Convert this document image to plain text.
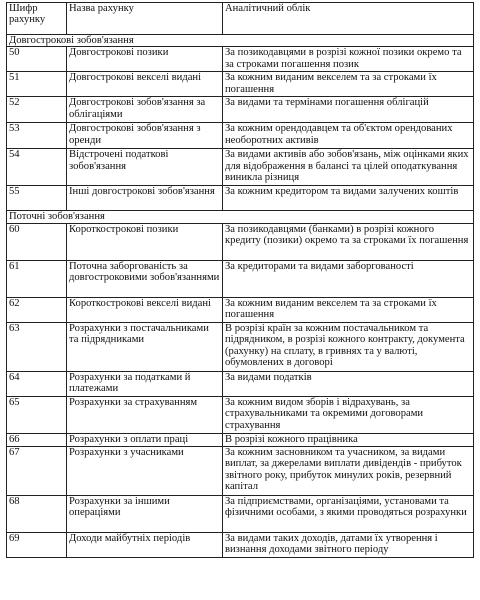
Шифр рахунку	Назва рахунку	Аналітичний облік
Довгострокові зобов'язання		
50	Довгострокові позики	За позикодавцями в розрізі кожної позики окремо та за строками погашення позик
51	Довгострокові векселі видані	За кожним виданим векселем та за строками їх погашення
52	Довгострокові зобов'язання за облігаціями	За видами та термінами погашення облігацій
53	Довгострокові зобов'язання з оренди	За кожним орендодавцем та об'єктом орендованих необоротних активів
54	Відстрочені податкові зобов'язання	За видами активів або зобов'язань, між оцінками яких для відображення в балансі та цілей оподаткування виникла різниця
55	Інші довгострокові зобов'язання	За кожним кредитором та видами залучених коштів
Поточні зобов'язання		
60	Короткострокові позики	За позикодавцями (банками) в розрізі кожного кредиту (позики) окремо та за строками їх погашення
61	Поточна заборгованість за довгостроковими зобов'язаннями	За кредиторами та видами заборгованості
62	Короткострокові векселі видані	За кожним виданим векселем та за строками їх погашення
63	Розрахунки з постачальниками та підрядниками	В розрізі країн за кожним постачальником та підрядником, в розрізі кожного контракту, документа (рахунку) на сплату, в гривнях та у валюті, обумовлених в договорі
64	Розрахунки за податками й платежами	За видами податків
65	Розрахунки за страхуванням	За кожним видом зборів і відрахувань, за страхувальниками та окремими договорами страхування
66	Розрахунки з оплати праці	В розрізі кожного працівника
67	Розрахунки з учасниками	За кожним засновником та учасником, за видами виплат, за джерелами виплати дивідендів - прибуток звітного року, прибуток минулих років, резервний капітал
68	Розрахунки за іншими операціями	За підприємствами, організаціями, установами та фізичними особами, з якими проводяться розрахунки
69	Доходи майбутніх періодів	За видами таких доходів, датами їх утворення і визнання доходами звітного періоду
